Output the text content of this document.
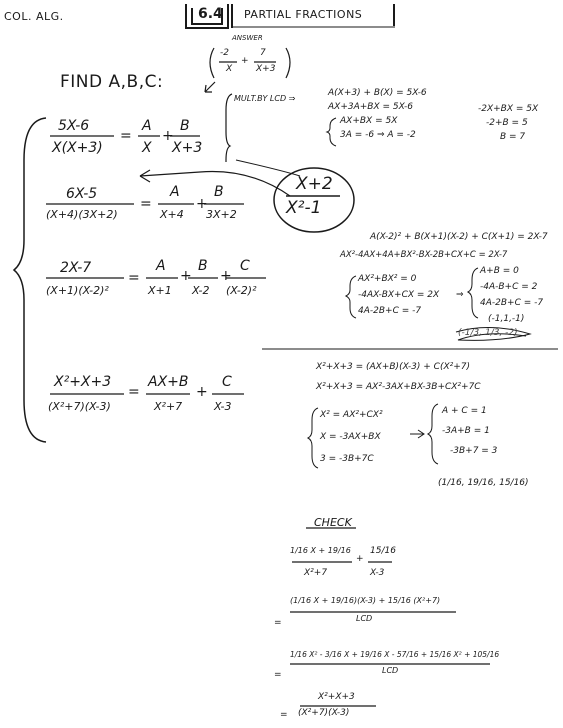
COL. ALG.	6.4 PARTIAL FRACTIONS
ANSWER
-2
X
+
7
X+3
FIND A,B,C:
MULT.BY LCD ⇒
5X-6
X(X+3)
=
A
X
+
B
X+3
6X-5
(X+4)(3X+2)
=
A
X+4
+
B
3X+2
X+2
X²-1
2X-7
(X+1)(X-2)²
=
A
X+1
+
B
X-2
+
C
(X-2)²
X²+X+3
(X²+7)(X-3)
=
AX+B
X²+7
+
C
X-3
A(X+3) + B(X) = 5X-6
AX+3A+BX = 5X-6
AX+BX = 5X
3A = -6 ⇒ A = -2
-2X+BX = 5X
-2+B = 5
B = 7
A(X-2)² + B(X+1)(X-2) + C(X+1) = 2X-7
AX²-4AX+4A+BX²-BX-2B+CX+C = 2X-7
AX²+BX² = 0
-4AX-BX+CX = 2X
4A-2B+C = -7
⇒
A+B = 0
-4A-B+C = 2
4A-2B+C = -7
(-1,1,-1)
(-1/3, 1/3, -2)
X²+X+3 = (AX+B)(X-3) + C(X²+7)
X²+X+3 = AX²-3AX+BX-3B+CX²+7C
X² = AX²+CX²
X = -3AX+BX
3 = -3B+7C
A + C = 1
-3A+B = 1
-3B+7 = 3
(1/16, 19/16, 15/16)
CHECK
1/16 X + 19/16
X²+7
+
15/16
X-3
=
(1/16 X + 19/16)(X-3) + 15/16 (X²+7)
LCD
=
1/16 X² - 3/16 X + 19/16 X - 57/16 + 15/16 X² + 105/16
LCD
=
X²+X+3
(X²+7)(X-3)
